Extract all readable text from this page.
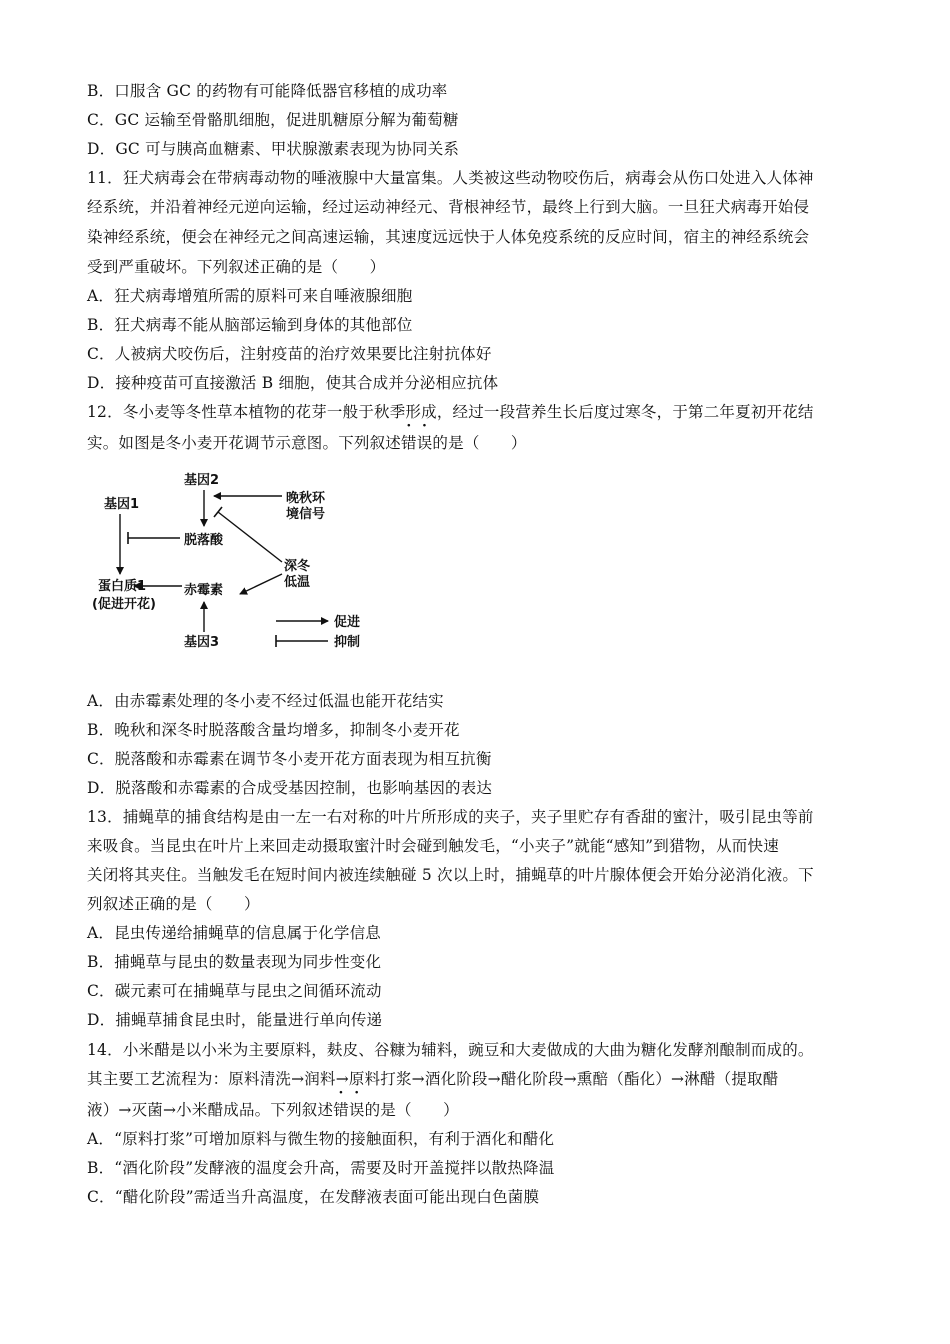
B．口服含 GC 的药物有可能降低器官移植的成功率
C．GC 运输至骨骼肌细胞，促进肌糖原分解为葡萄糖
D．GC 可与胰高血糖素、甲状腺激素表现为协同关系
11．狂犬病毒会在带病毒动物的唾液腺中大量富集。人类被这些动物咬伤后，病毒会从伤口处进入人体神
经系统，并沿着神经元逆向运输，经过运动神经元、背根神经节，最终上行到大脑。一旦狂犬病毒开始侵
染神经系统，便会在神经元之间高速运输，其速度远远快于人体免疫系统的反应时间，宿主的神经系统会
受到严重破坏。下列叙述正确的是（　　）
A．狂犬病毒增殖所需的原料可来自唾液腺细胞
B．狂犬病毒不能从脑部运输到身体的其他部位
C．人被病犬咬伤后，注射疫苗的治疗效果要比注射抗体好
D．接种疫苗可直接激活 B 细胞，使其合成并分泌相应抗体
12．冬小麦等冬性草本植物的花芽一般于秋季形成，经过一段营养生长后度过寒冬，于第二年夏初开花结
实。如图是冬小麦开花调节示意图。下列叙述错误的是（　　）
基因1
基因2
基因3
脱落酸
赤霉素
蛋白质1
(促进开花)
晚秋环
境信号
深冬
低温
促进
抑制
A．由赤霉素处理的冬小麦不经过低温也能开花结实
B．晚秋和深冬时脱落酸含量均增多，抑制冬小麦开花
C．脱落酸和赤霉素在调节冬小麦开花方面表现为相互抗衡
D．脱落酸和赤霉素的合成受基因控制，也影响基因的表达
13．捕蝇草的捕食结构是由一左一右对称的叶片所形成的夹子，夹子里贮存有香甜的蜜汁，吸引昆虫等前
来吸食。当昆虫在叶片上来回走动摄取蜜汁时会碰到触发毛，“小夹子”就能“感知”到猎物，从而快速
关闭将其夹住。当触发毛在短时间内被连续触碰 5 次以上时，捕蝇草的叶片腺体便会开始分泌消化液。下
列叙述正确的是（　　）
A．昆虫传递给捕蝇草的信息属于化学信息
B．捕蝇草与昆虫的数量表现为同步性变化
C．碳元素可在捕蝇草与昆虫之间循环流动
D．捕蝇草捕食昆虫时，能量进行单向传递
14．小米醋是以小米为主要原料，麸皮、谷糠为辅料，豌豆和大麦做成的大曲为糖化发酵剂酿制而成的。
其主要工艺流程为：原料清洗→润料→原料打浆→酒化阶段→醋化阶段→熏醅（酯化）→淋醋（提取醋
液）→灭菌→小米醋成品。下列叙述错误的是（　　）
A．“原料打浆”可增加原料与微生物的接触面积，有利于酒化和醋化
B．“酒化阶段”发酵液的温度会升高，需要及时开盖搅拌以散热降温
C．“醋化阶段”需适当升高温度，在发酵液表面可能出现白色菌膜
